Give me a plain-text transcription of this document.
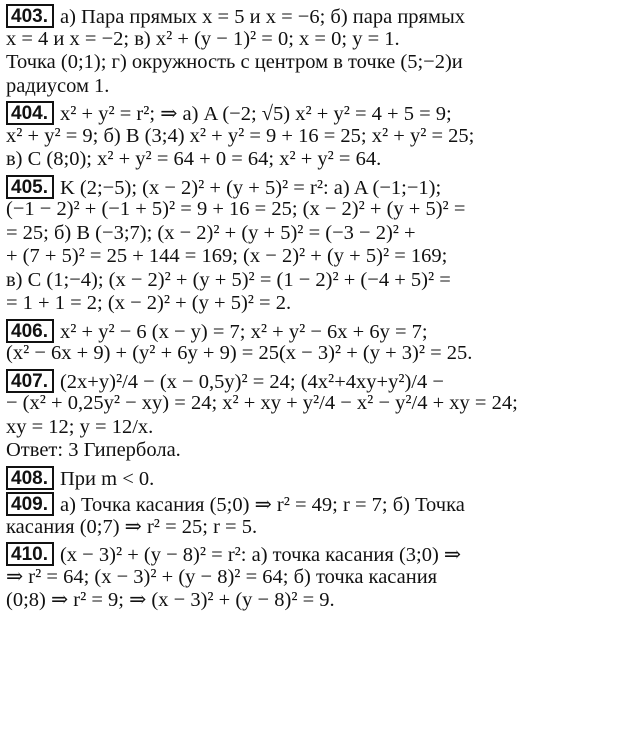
403. а) Пара прямых x = 5 и x = −6; б) пара прямых
x = 4 и x = −2; в) x² + (y − 1)² = 0; x = 0; y = 1.
Точка (0;1); г) окружность с центром в точке (5;−2)и
радиусом 1.
404. x² + y² = r²; ⇒ а) A (−2; √5) x² + y² = 4 + 5 = 9;
x² + y² = 9; б) B (3;4) x² + y² = 9 + 16 = 25; x² + y² = 25;
в) C (8;0); x² + y² = 64 + 0 = 64; x² + y² = 64.
405. K (2;−5); (x − 2)² + (y + 5)² = r²: а) A (−1;−1);
(−1 − 2)² + (−1 + 5)² = 9 + 16 = 25; (x − 2)² + (y + 5)² =
= 25; б) B (−3;7); (x − 2)² + (y + 5)² = (−3 − 2)² +
+ (7 + 5)² = 25 + 144 = 169; (x − 2)² + (y + 5)² = 169;
в) C (1;−4); (x − 2)² + (y + 5)² = (1 − 2)² + (−4 + 5)² =
= 1 + 1 = 2; (x − 2)² + (y + 5)² = 2.
406. x² + y² − 6 (x − y) = 7; x² + y² − 6x + 6y = 7;
(x² − 6x + 9) + (y² + 6y + 9) = 25(x − 3)² + (y + 3)² = 25.
407. (2x+y)²/4 − (x − 0,5y)² = 24; (4x²+4xy+y²)/4 −
− (x² + 0,25y² − xy) = 24; x² + xy + y²/4 − x² − y²/4 + xy = 24;
xy = 12; y = 12/x.
Ответ: 3 Гипербола.
408. При m < 0.
409. а) Точка касания (5;0) ⇒ r² = 49; r = 7; б) Точка
касания (0;7) ⇒ r² = 25; r = 5.
410. (x − 3)² + (y − 8)² = r²: а) точка касания (3;0) ⇒
⇒ r² = 64; (x − 3)² + (y − 8)² = 64; б) точка касания
(0;8) ⇒ r² = 9; ⇒ (x − 3)² + (y − 8)² = 9.
